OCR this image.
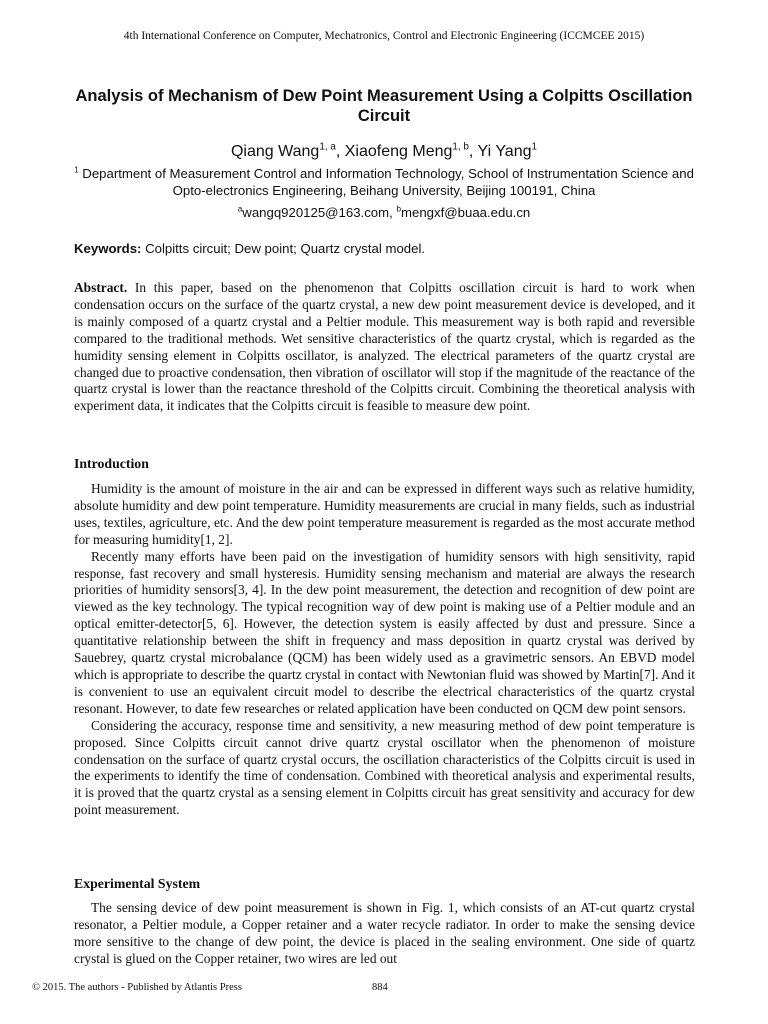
4th International Conference on Computer, Mechatronics, Control and Electronic Engineering (ICCMCEE 2015)
Analysis of Mechanism of Dew Point Measurement Using a Colpitts Oscillation Circuit
Qiang Wang$^{1, a}$, Xiaofeng Meng$^{1, b}$, Yi Yang$^1$
$^1$ Department of Measurement Control and Information Technology, School of Instrumentation Science and Opto-electronics Engineering, Beihang University, Beijing 100191, China
$^a$wangq920125@163.com, $^b$mengxf@buaa.edu.cn
Keywords: Colpitts circuit; Dew point; Quartz crystal model.

Abstract. In this paper, based on the phenomenon that Colpitts oscillation circuit is hard to work when condensation occurs on the surface of the quartz crystal, a new dew point measurement device is developed, and it is mainly composed of a quartz crystal and a Peltier module. This measurement way is both rapid and reversible compared to the traditional methods. Wet sensitive characteristics of the quartz crystal, which is regarded as the humidity sensing element in Colpitts oscillator, is analyzed. The electrical parameters of the quartz crystal are changed due to proactive condensation, then vibration of oscillator will stop if the magnitude of the reactance of the quartz crystal is lower than the reactance threshold of the Colpitts circuit. Combining the theoretical analysis with experiment data, it indicates that the Colpitts circuit is feasible to measure dew point.

Introduction

Humidity is the amount of moisture in the air and can be expressed in different ways such as relative humidity, absolute humidity and dew point temperature. Humidity measurements are crucial in many fields, such as industrial uses, textiles, agriculture, etc. And the dew point temperature measurement is regarded as the most accurate method for measuring humidity[1, 2].

Recently many efforts have been paid on the investigation of humidity sensors with high sensitivity, rapid response, fast recovery and small hysteresis. Humidity sensing mechanism and material are always the research priorities of humidity sensors[3, 4]. In the dew point measurement, the detection and recognition of dew point are viewed as the key technology. The typical recognition way of dew point is making use of a Peltier module and an optical emitter-detector[5, 6]. However, the detection system is easily affected by dust and pressure. Since a quantitative relationship between the shift in frequency and mass deposition in quartz crystal was derived by Sauebrey, quartz crystal microbalance (QCM) has been widely used as a gravimetric sensors. An EBVD model which is appropriate to describe the quartz crystal in contact with Newtonian fluid was showed by Martin[7]. And it is convenient to use an equivalent circuit model to describe the electrical characteristics of the quartz crystal resonant. However, to date few researches or related application have been conducted on QCM dew point sensors.

Considering the accuracy, response time and sensitivity, a new measuring method of dew point temperature is proposed. Since Colpitts circuit cannot drive quartz crystal oscillator when the phenomenon of moisture condensation on the surface of quartz crystal occurs, the oscillation characteristics of the Colpitts circuit is used in the experiments to identify the time of condensation. Combined with theoretical analysis and experimental results, it is proved that the quartz crystal as a sensing element in Colpitts circuit has great sensitivity and accuracy for dew point measurement.

Experimental System

The sensing device of dew point measurement is shown in Fig. 1, which consists of an AT-cut quartz crystal resonator, a Peltier module, a Copper retainer and a water recycle radiator. In order to make the sensing device more sensitive to the change of dew point, the device is placed in the sealing environment. One side of quartz crystal is glued on the Copper retainer, two wires are led out

© 2015. The authors - Published by Atlantis Press	884
